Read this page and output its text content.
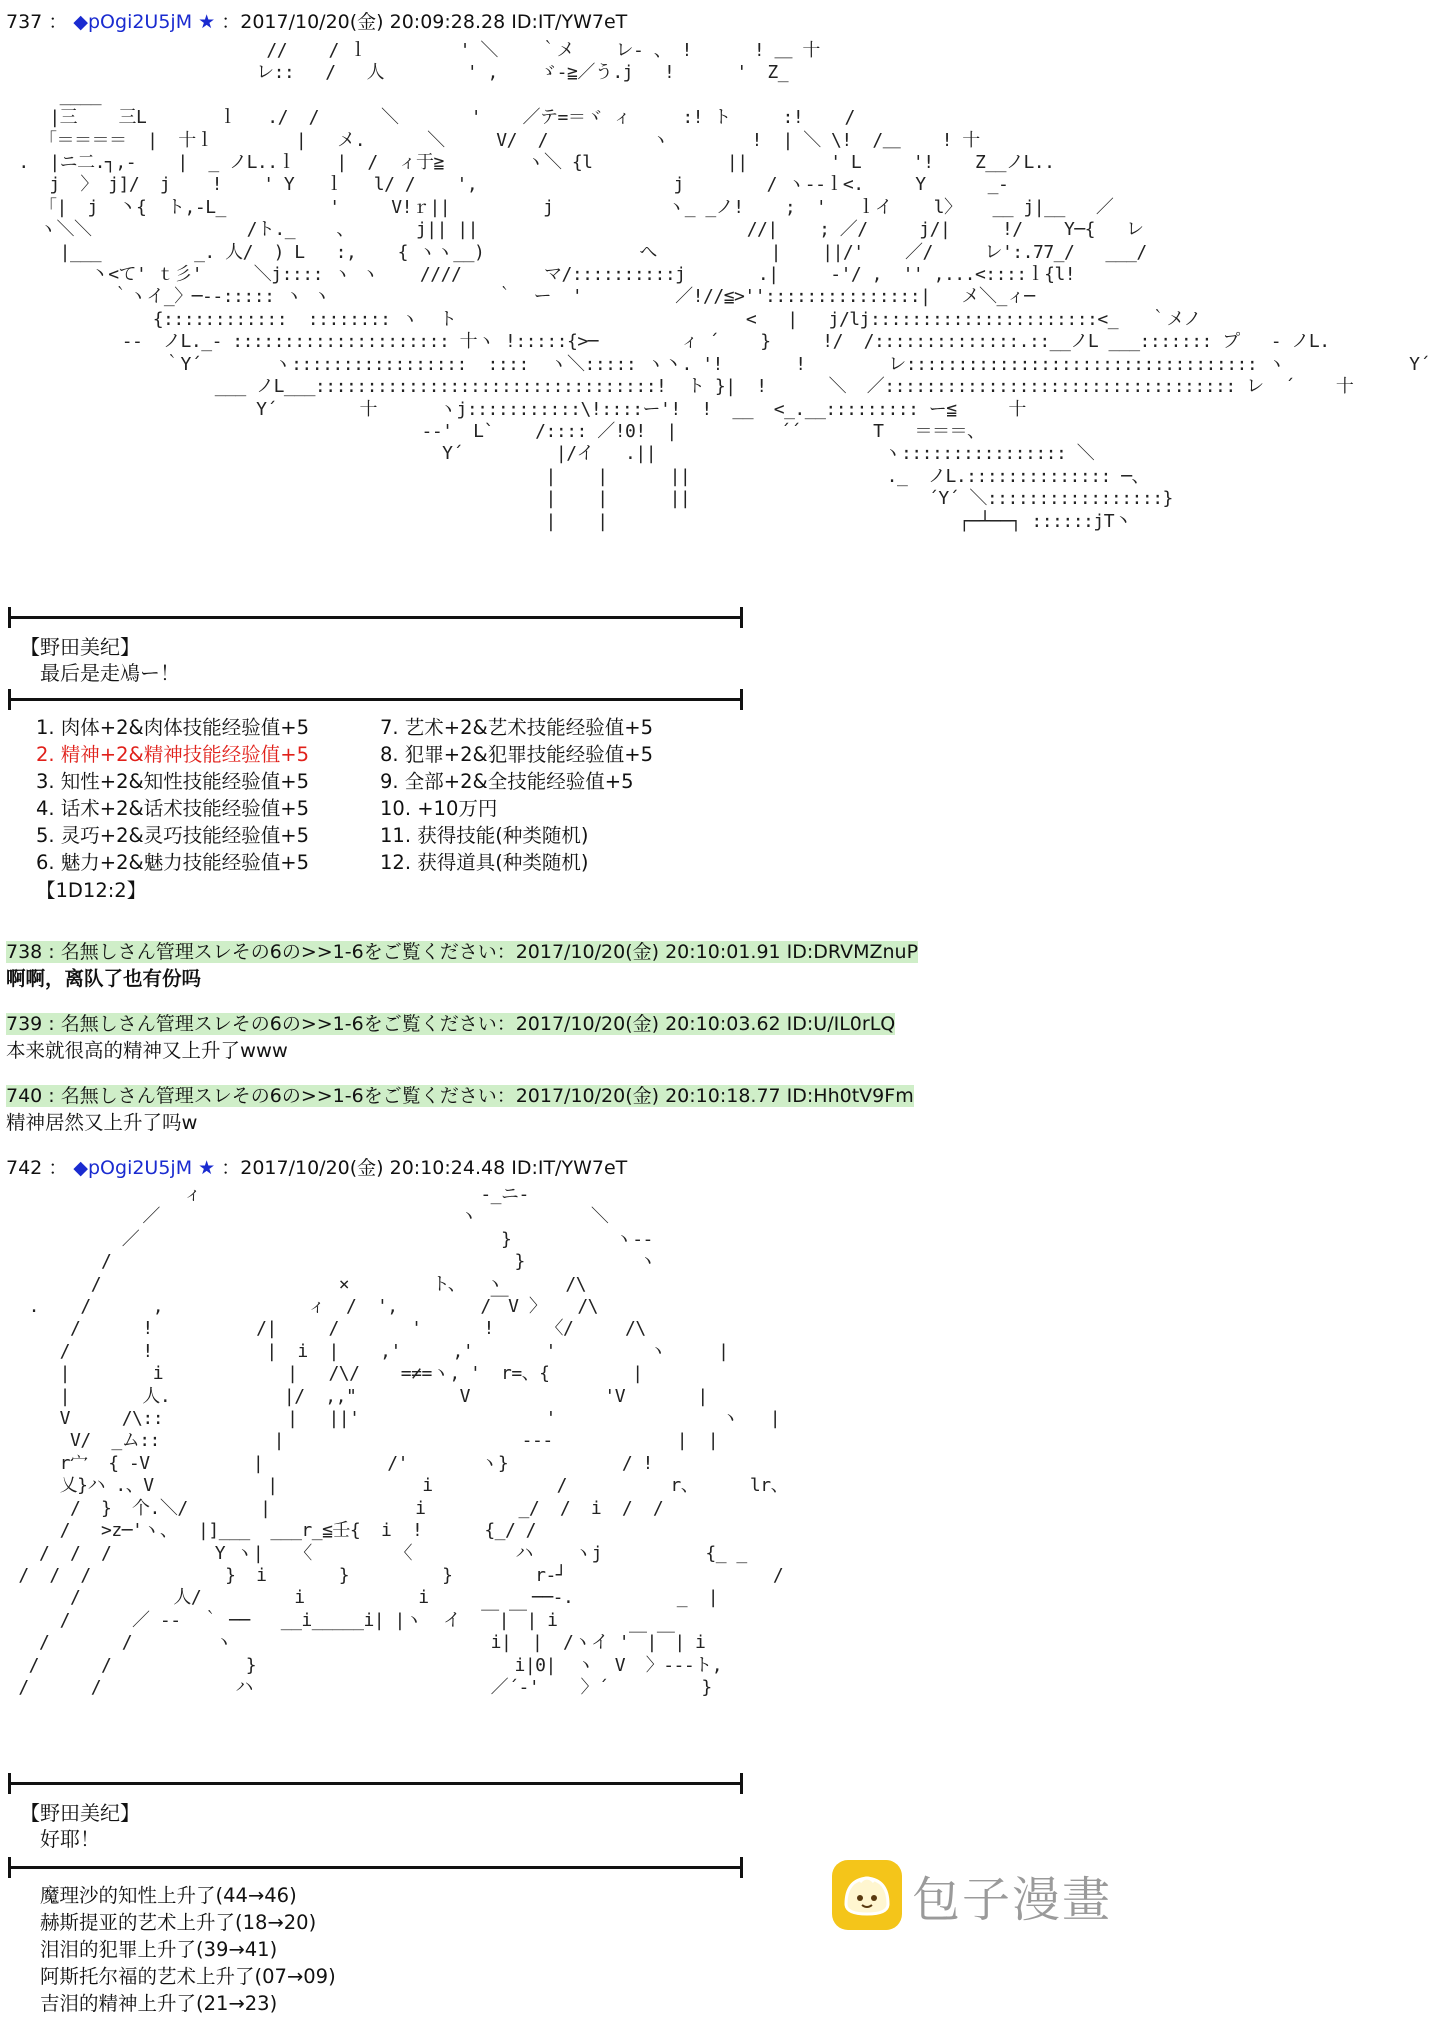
737 ： ◆pOgi2U5jM ★ ：2017/10/20(金) 20:09:28.28 ID:IT/YW7eT
//    / ｌ         ' ＼    ｀メ    レ- 、 !      ! ＿ 十
レ::   /   人        ' ,    ゞ-≧／う.j   !      '  Z_
____
|三    三L       ｌ   ./  /      ＼       '    ／テ=＝ヾ ィ     :! ト     :!    /
「＝＝＝＝  |  十ｌ        |   メ.      ＼     V/  /          ヽ        !  | ＼ \!  /＿    ! 十
.  |ニ二.┐,-    |  _ ノL..ｌ    |  /  ィ于≧        ヽ＼ {l             ||        ' L     '!    Z__ノL..
j  〉 j]/  j    !    ' Y   ｌ   l/ /    ',                   j        / ヽ--ｌ<.     Y      _-
「|  j  丶{  ト,-L_          '     V!ｒ||         j           ヽ_ _ノ!    ;  '   ｌイ    l〉   __ j|__   ／
ヽ＼＼               /ト._    、      j|| ||                          //|    ; ／/     j/|     !/    Y─{   レ
|___         _. 人/  ) L   :,    { ヽヽ__)               へ           |    ||/'    ／/     レ':.77_/   ___/
丶<て' ｔ彡'     ＼j:::: ヽ ヽ    ////        マ/::::::::::j       .|     -'/ ,  '' ,...<::::ｌ{l!
｀ヽイ_〉─‐-::::: ヽ ヽ                ｀  ー  '         ／!//≦>'':::::::::::::::|   メ＼_ィ─
{::::::::::::  :::::::: ヽ  ト                            <   |   j/lj::::::::::::::::::::::<_   ｀メノ
--  ノL._- ::::::::::::::::::::: 十ヽ !:::::{>─        ィ ´    }     !/  /::::::::::::::.::__ノL ___::::::: プ   - ノL.
｀Y´       ヽ:::::::::::::::::  ::::  ヽ＼::::: ヽ丶. '!       !        レ:::::::::::::::::::::::::::::::::: ヽ            Y´
___ ノL___:::::::::::::::::::::::::::::::::!  ト }|  !      ＼  ／:::::::::::::::::::::::::::::::::: レ  ´    十
Y´        十      ヽj:::::::::::\!::::ー'!  !  __  <_.__::::::::: ー≦     十
--'  L`    /:::: ／!0!  |          ´´       T   ＝＝＝、
Y´         |/イ   .||                      ヽ:::::::::::::::: ＼
|    |      ||                   ._  ノL.:::::::::::::: ─、
|    |      ||                       ´Y´ ＼:::::::::::::::::}
|    |                                  ┌─┴──┐ ::::::jT丶
【野田美纪】
最后是走鳰ー！
1. 肉体+2&肉体技能经验值+5
2. 精神+2&精神技能经验值+5
3. 知性+2&知性技能经验值+5
4. 话术+2&话术技能经验值+5
5. 灵巧+2&灵巧技能经验值+5
6. 魅力+2&魅力技能经验值+5
7. 艺术+2&艺术技能经验值+5
8. 犯罪+2&犯罪技能经验值+5
9. 全部+2&全技能经验值+5
10. +10万円
11. 获得技能(种类随机)
12. 获得道具(种类随机)
【1D12:2】
738 : 名無しさん管理スレその6の>>1-6をご覧ください：2017/10/20(金) 20:10:01.91 ID:DRVMZnuP
啊啊，离队了也有份吗
739 : 名無しさん管理スレその6の>>1-6をご覧ください：2017/10/20(金) 20:10:03.62 ID:U/IL0rLQ
本来就很高的精神又上升了www
740 : 名無しさん管理スレその6の>>1-6をご覧ください：2017/10/20(金) 20:10:18.77 ID:Hh0tV9Fm
精神居然又上升了吗w
742 ： ◆pOgi2U5jM ★ ：2017/10/20(金) 20:10:24.48 ID:IT/YW7eT
ィ                           -_ニ-
／                             ヽ           ＼
／                                   }          ヽ--
/                                       }           ヽ
/                       ×        ト、  ヽ      /\
.    /      ,              ィ  /  ',        /￣V 〉   /\
/      !          /|     /       '      !     〈/     /\
/       !           |  i  |    ,'     ,'       '         ヽ     |
|        i            |   /\/    =≠=ヽ, '  r=、{        |
|       人.           |/  ,,"          V             'V       |
V     /\::            |   ||'                  '                ヽ   |
V/  _ム::           |                       ---            |  |
r宀  { -V          |            /'       ヽ}           / !
乂}ハ .、V           |              i            /          r、     lr、
/  }  个.＼/       |              i         _/  /  i  /  /
/   >z─'ヽ、  |]___  ___r_≦壬{  i  !      {_/ /
/  /  /          Y ヽ|   〈        〈          ハ    ヽj          {_ _
/  /  /             }  i       }         }        r-┘                    /
/         人/         i           i          ──-.          _  |
/      ／ --  ｀ ──   __i_____i| |ヽ  イ  ￣|￣| i
/       /        ヽ                         i|  |  /ヽイ '￣|￣| i
/      /             }                         i|0|  ヽ  V  〉---ト,
/      /             ハ                       ／´-'    〉´         }
【野田美纪】
好耶！
魔理沙的知性上升了(44→46)
赫斯提亚的艺术上升了(18→20)
泪泪的犯罪上升了(39→41)
阿斯托尔福的艺术上升了(07→09)
吉泪的精神上升了(21→23)
包子漫畫
